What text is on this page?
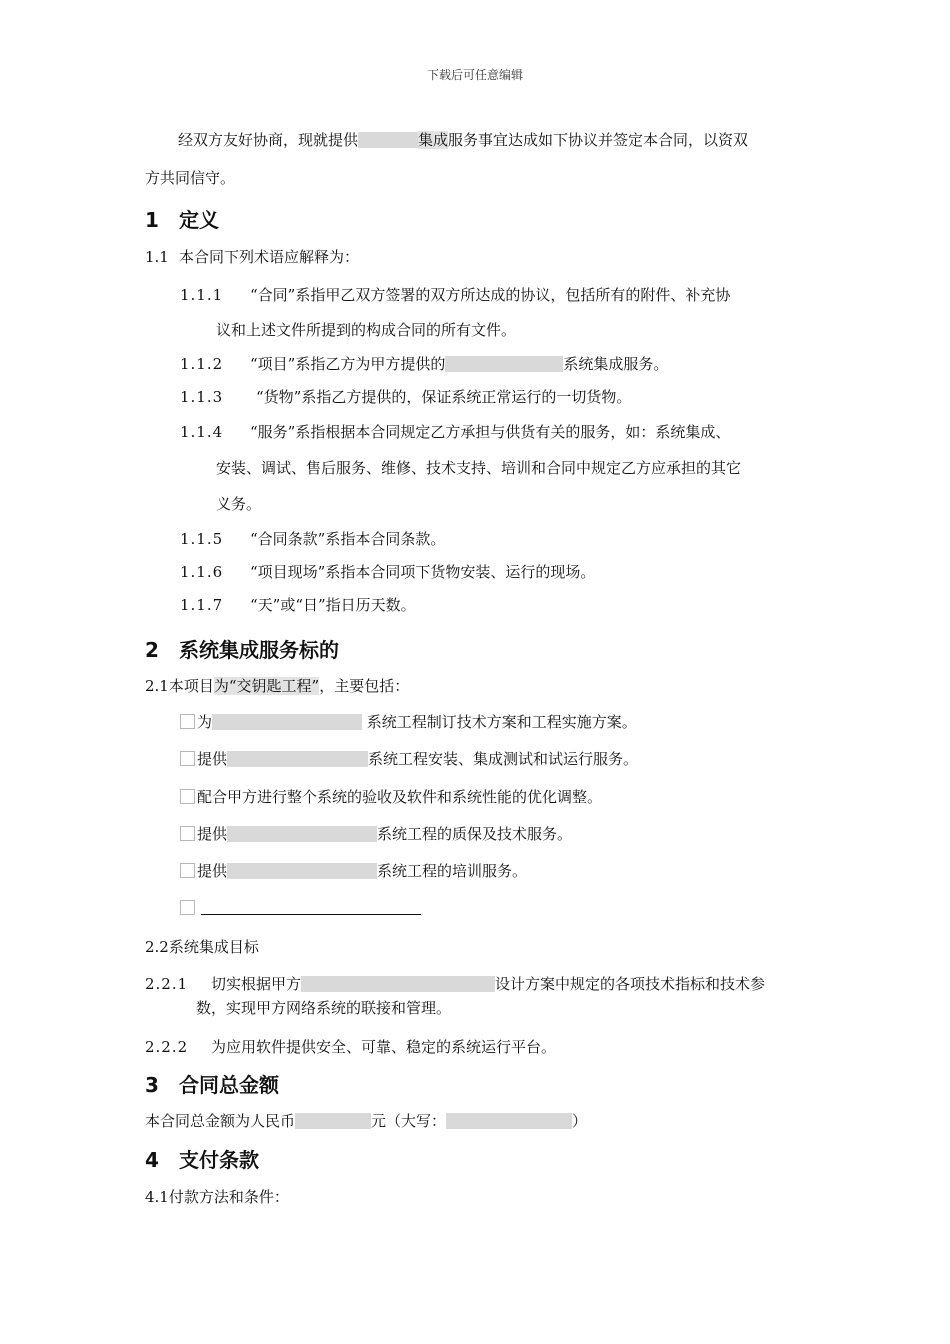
下载后可任意编辑
经双方友好协商，现就提供	集成服务事宜达成如下协议并签定本合同，以资双
方共同信守。
1 定义
1.1 本合同下列术语应解释为：
1.1.1 “合同”系指甲乙双方签署的双方所达成的协议，包括所有的附件、补充协
议和上述文件所提到的构成合同的所有文件。
1.1.2 “项目”系指乙方为甲方提供的	系统集成服务。
1.1.3 “货物”系指乙方提供的，保证系统正常运行的一切货物。
1.1.4 “服务”系指根据本合同规定乙方承担与供货有关的服务，如：系统集成、
安装、调试、售后服务、维修、技术支持、培训和合同中规定乙方应承担的其它
义务。
1.1.5 “合同条款”系指本合同条款。
1.1.6 “项目现场”系指本合同项下货物安装、运行的现场。
1.1.7 “天”或“日”指日历天数。
2 系统集成服务标的
2.1本项目为“交钥匙工程”，主要包括：
为	系统工程制订技术方案和工程实施方案。
提供	系统工程安装、集成测试和试运行服务。
配合甲方进行整个系统的验收及软件和系统性能的优化调整。
提供	系统工程的质保及技术服务。
提供	系统工程的培训服务。
2.2系统集成目标
2.2.1 切实根据甲方	设计方案中规定的各项技术指标和技术参
数，实现甲方网络系统的联接和管理。
2.2.2 为应用软件提供安全、可靠、稳定的系统运行平台。
3 合同总金额
本合同总金额为人民币	元（大写：	）
4 支付条款
4.1付款方法和条件：
